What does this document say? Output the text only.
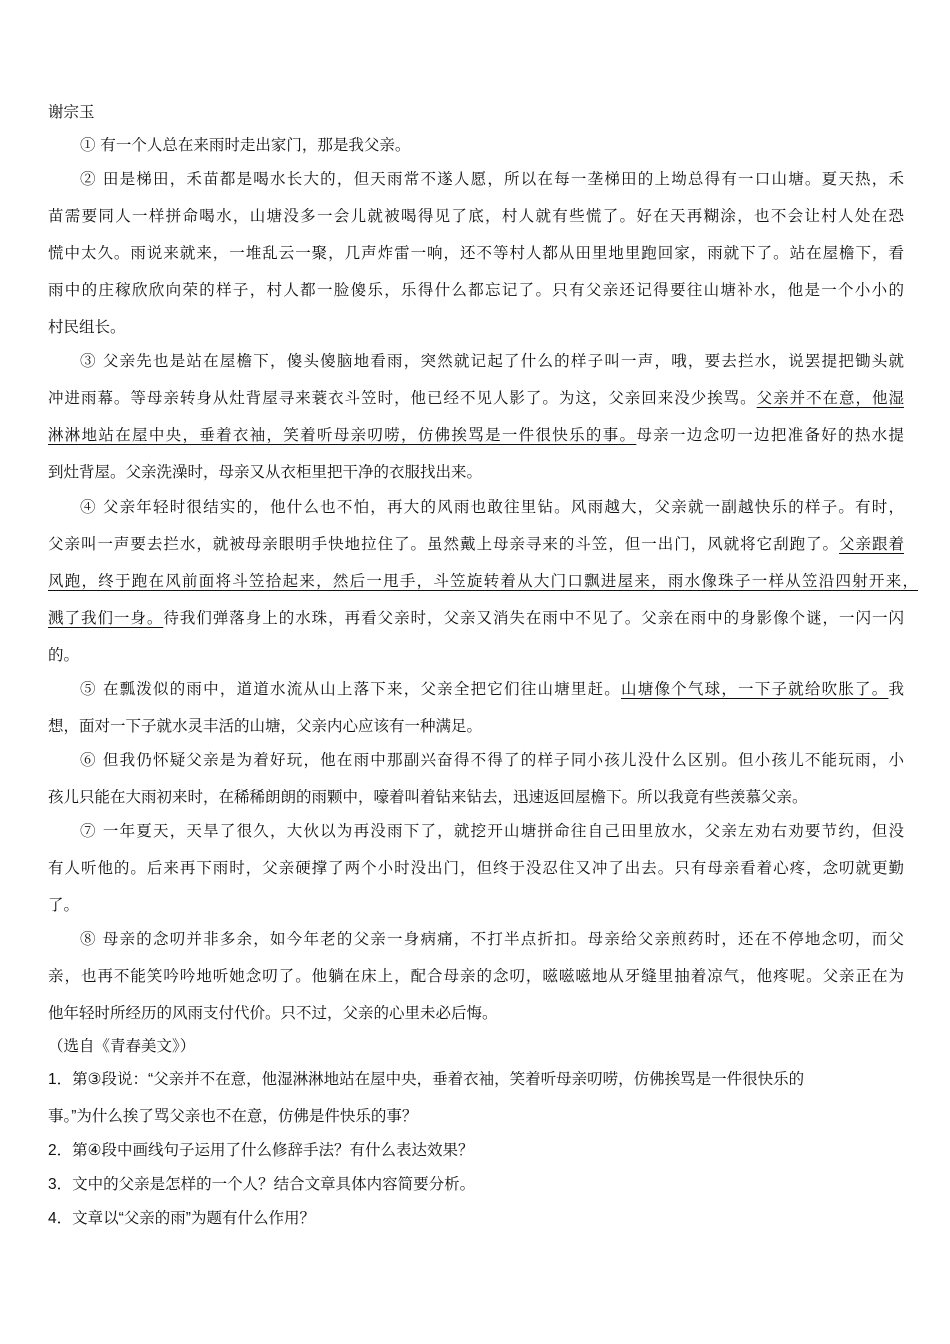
谢宗玉
① 有一个人总在来雨时走出家门，那是我父亲。
② 田是梯田，禾苗都是喝水长大的，但天雨常不遂人愿，所以在每一垄梯田的上坳总得有一口山塘。夏天热，禾
苗需要同人一样拼命喝水，山塘没多一会儿就被喝得见了底，村人就有些慌了。好在天再糊涂，也不会让村人处在恐
慌中太久。雨说来就来，一堆乱云一聚，几声炸雷一响，还不等村人都从田里地里跑回家，雨就下了。站在屋檐下，看
雨中的庄稼欣欣向荣的样子，村人都一脸傻乐，乐得什么都忘记了。只有父亲还记得要往山塘补水，他是一个小小的
村民组长。
③ 父亲先也是站在屋檐下，傻头傻脑地看雨，突然就记起了什么的样子叫一声，哦，要去拦水，说罢提把锄头就
冲进雨幕。等母亲转身从灶背屋寻来蓑衣斗笠时，他已经不见人影了。为这，父亲回来没少挨骂。父亲并不在意，他湿
淋淋地站在屋中央，垂着衣袖，笑着听母亲叨唠，仿佛挨骂是一件很快乐的事。母亲一边念叨一边把准备好的热水提
到灶背屋。父亲洗澡时，母亲又从衣柜里把干净的衣服找出来。
④ 父亲年轻时很结实的，他什么也不怕，再大的风雨也敢往里钻。风雨越大，父亲就一副越快乐的样子。有时，
父亲叫一声要去拦水，就被母亲眼明手快地拉住了。虽然戴上母亲寻来的斗笠，但一出门，风就将它刮跑了。父亲跟着
风跑，终于跑在风前面将斗笠拾起来，然后一甩手，斗笠旋转着从大门口飘进屋来，雨水像珠子一样从笠沿四射开来，
溅了我们一身。待我们弹落身上的水珠，再看父亲时，父亲又消失在雨中不见了。父亲在雨中的身影像个谜，一闪一闪
的。
⑤ 在瓢泼似的雨中，道道水流从山上落下来，父亲全把它们往山塘里赶。山塘像个气球，一下子就给吹胀了。我
想，面对一下子就水灵丰活的山塘，父亲内心应该有一种满足。
⑥ 但我仍怀疑父亲是为着好玩，他在雨中那副兴奋得不得了的样子同小孩儿没什么区别。但小孩儿不能玩雨，小
孩儿只能在大雨初来时，在稀稀朗朗的雨颗中，嚎着叫着钻来钻去，迅速返回屋檐下。所以我竟有些羡慕父亲。
⑦ 一年夏天，天旱了很久，大伙以为再没雨下了，就挖开山塘拼命往自己田里放水，父亲左劝右劝要节约，但没
有人听他的。后来再下雨时，父亲硬撑了两个小时没出门，但终于没忍住又冲了出去。只有母亲看着心疼，念叨就更勤
了。
⑧ 母亲的念叨并非多余，如今年老的父亲一身病痛，不打半点折扣。母亲给父亲煎药时，还在不停地念叨，而父
亲，也再不能笑吟吟地听她念叨了。他躺在床上，配合母亲的念叨，嗞嗞嗞地从牙缝里抽着凉气，他疼呢。父亲正在为
他年轻时所经历的风雨支付代价。只不过，父亲的心里未必后悔。
（选自《青春美文》）
1．第③段说：“父亲并不在意，他湿淋淋地站在屋中央，垂着衣袖，笑着听母亲叨唠，仿佛挨骂是一件很快乐的
事。”为什么挨了骂父亲也不在意，仿佛是件快乐的事？
2．第④段中画线句子运用了什么修辞手法？有什么表达效果？
3．文中的父亲是怎样的一个人？结合文章具体内容简要分析。
4．文章以“父亲的雨”为题有什么作用？
